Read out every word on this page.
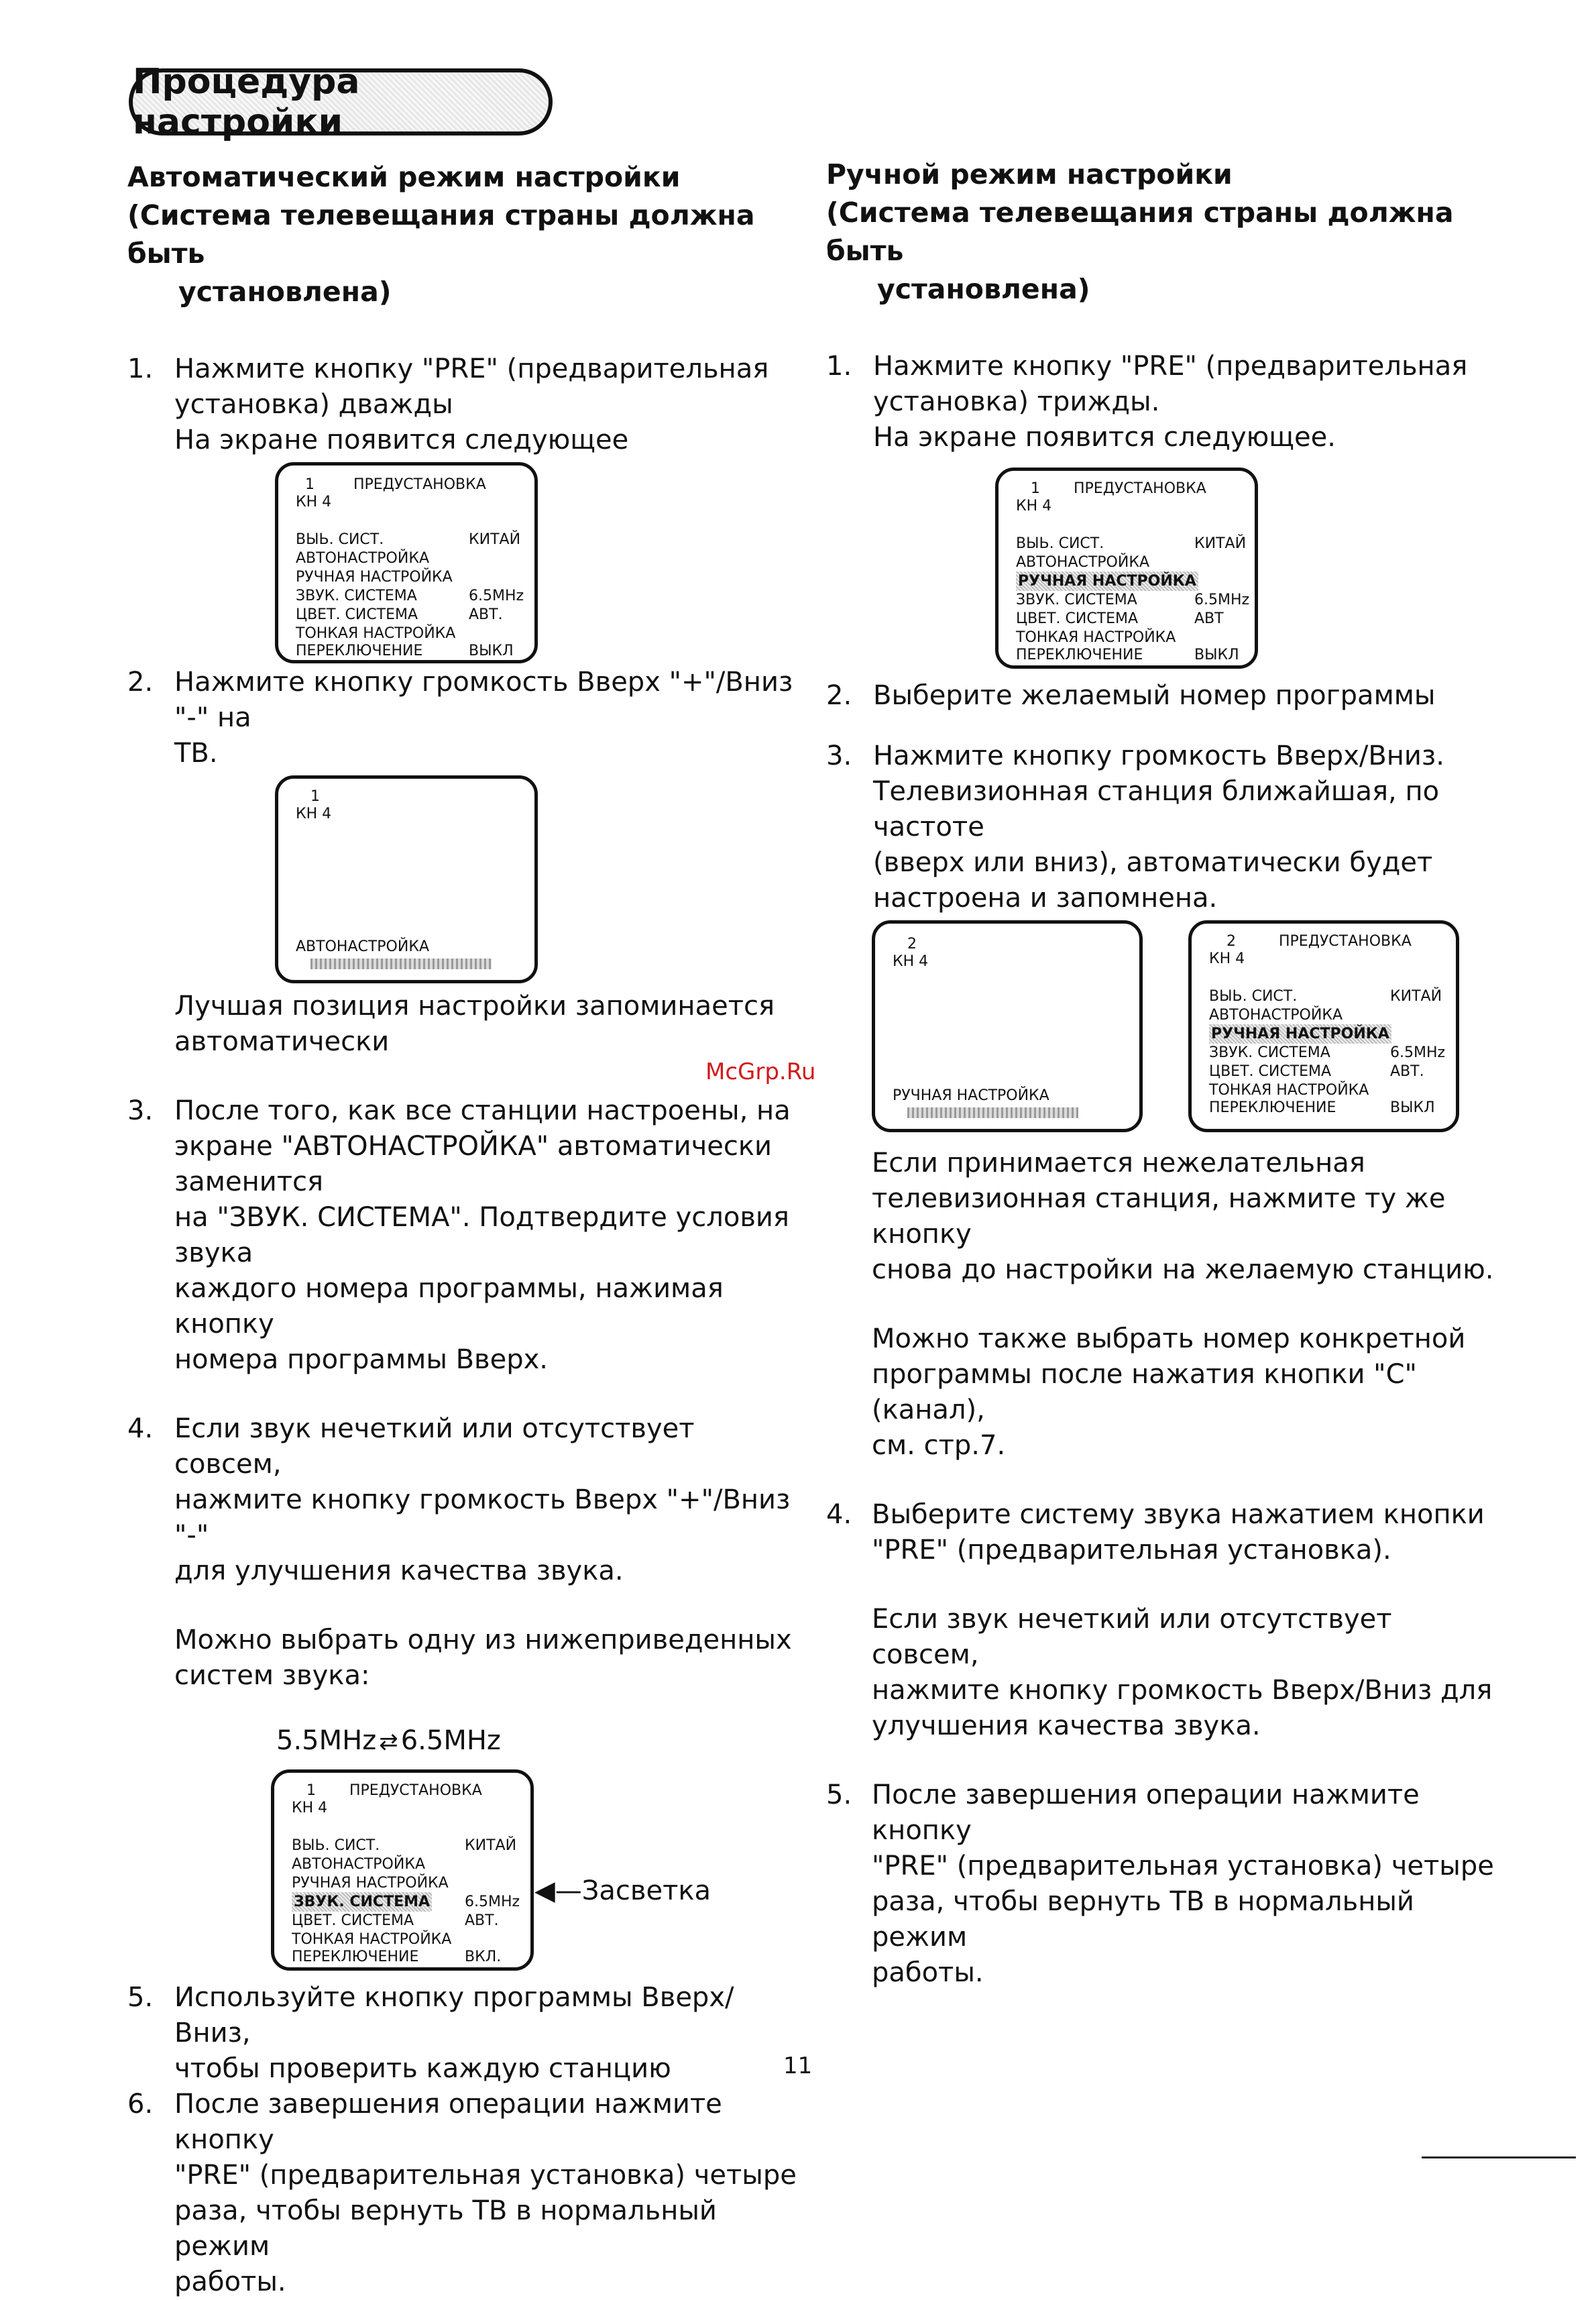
Процедура настройки
Автоматический режим настройки
(Система телевещания страны должна быть
установлена)
1. Нажмите кнопку "PRE" (предварительная
установка) дважды
На экране появится следующее
1	ПРЕДУСТАНОВКА
КН 4
ВЫЬ. СИСТ.	КИТАЙ
АВТОНАСТРОЙКА
РУЧНАЯ НАСТРОЙКА
ЗВУК. СИСТЕМА	6.5MHz
ЦВЕТ. СИСТЕМА	АВТ.
ТОНКАЯ НАСТРОЙКА
ПЕРЕКЛЮЧЕНИЕ	ВЫКЛ
2. Нажмите кнопку громкость Вверх "+"/Вниз "-" на
ТВ.
1
КН 4
АВТОНАСТРОЙКА
Лучшая позиция настройки запоминается
автоматически
3. После того, как все станции настроены, на
экране "АВТОНАСТРОЙКА" автоматически заменится
на "ЗВУК. СИСТЕМА". Подтвердите условия звука
каждого номера программы, нажимая кнопку
номера программы Вверх.
4. Если звук нечеткий или отсутствует совсем,
нажмите кнопку громкость Вверх "+"/Вниз "-"
для улучшения качества звука.
Можно выбрать одну из нижеприведенных
систем звука:
5.5MHz ⇄ 6.5MHz
1 ПРЕДУСТАНОВКА
КН 4
ВЫЬ. СИСТ.	КИТАЙ
АВТОНАСТРОЙКА
РУЧНАЯ НАСТРОЙКА
ЗВУК. СИСТЕМА 6.5MHz
ЦВЕТ. СИСТЕМА	АВТ.
ТОНКАЯ НАСТРОЙКА
ПЕРЕКЛЮЧЕНИЕ	ВКЛ.
◀—Засветка
5. Используйте кнопку программы Вверх/Вниз,
чтобы проверить каждую станцию
6. После завершения операции нажмите кнопку
"PRE" (предварительная установка) четыре
раза, чтобы вернуть ТВ в нормальный режим
работы.
Ручной режим настройки
(Система телевещания страны должна быть
установлена)
1. Нажмите кнопку "PRE" (предварительная
установка) трижды.
На экране появится следующее.
1 ПРЕДУСТАНОВКА
КН 4
ВЫЬ. СИСТ.	КИТАЙ
АВТОНАСТРОЙКА
РУЧНАЯ НАСТРОЙКА
ЗВУК. СИСТЕМА	6.5MHz
ЦВЕТ. СИСТЕМА	АВТ
ТОНКАЯ НАСТРОЙКА
ПЕРЕКЛЮЧЕНИЕ	ВЫКЛ
2. Выберите желаемый номер программы
3. Нажмите кнопку громкость Вверх/Вниз.
Телевизионная станция ближайшая, по частоте
(вверх или вниз), автоматически будет
настроена и запомнена.
2
КН 4
РУЧНАЯ НАСТРОЙКА
2	ПРЕДУСТАНОВКА
КН 4
ВЫЬ. СИСТ.	КИТАЙ
АВТОНАСТРОЙКА
РУЧНАЯ НАСТРОЙКА
ЗВУК. СИСТЕМА	6.5MHz
ЦВЕТ. СИСТЕМА	АВТ.
ТОНКАЯ НАСТРОЙКА
ПЕРЕКЛЮЧЕНИЕ	ВЫКЛ
Если принимается нежелательная
телевизионная станция, нажмите ту же кнопку
снова до настройки на желаемую станцию.
Можно также выбрать номер конкретной
программы после нажатия кнопки "С" (канал),
см. стр.7.
4. Выберите систему звука нажатием кнопки
"PRE" (предварительная установка).
Если звук нечеткий или отсутствует совсем,
нажмите кнопку громкость Вверх/Вниз для
улучшения качества звука.
5. После завершения операции нажмите кнопку
"PRE" (предварительная установка) четыре
раза, чтобы вернуть ТВ в нормальный режим
работы.
McGrp.Ru
11
